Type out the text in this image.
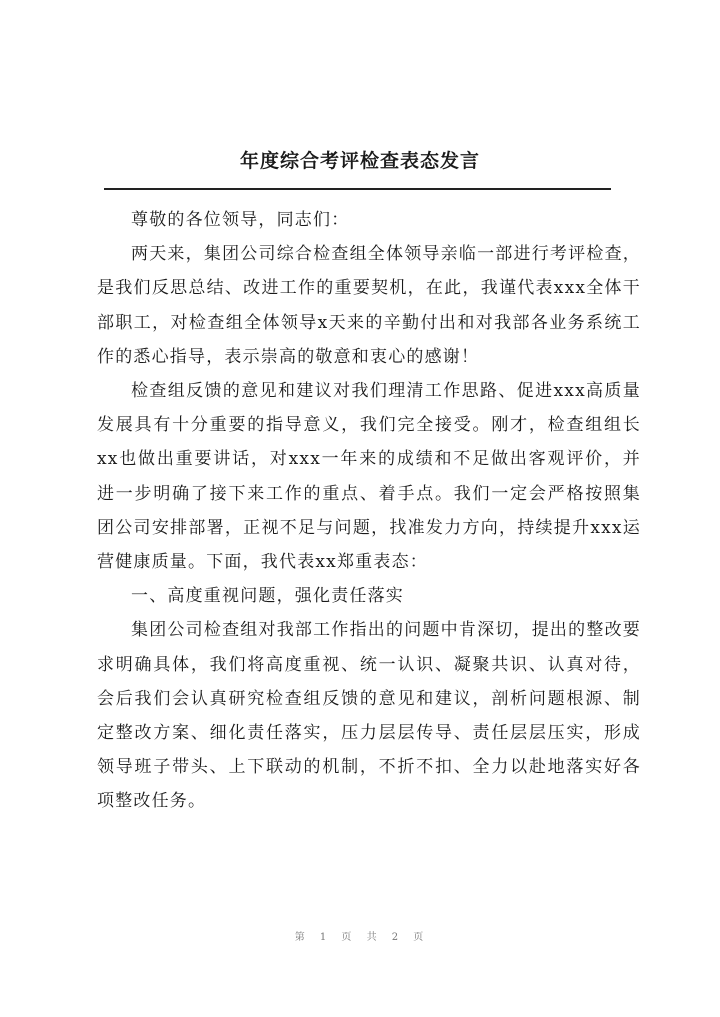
年度综合考评检查表态发言

尊敬的各位领导，同志们：

两天来，集团公司综合检查组全体领导亲临一部进行考评检查，是我们反思总结、改进工作的重要契机，在此，我谨代表xxx全体干部职工，对检查组全体领导x天来的辛勤付出和对我部各业务系统工作的悉心指导，表示崇高的敬意和衷心的感谢！

检查组反馈的意见和建议对我们理清工作思路、促进xxx高质量发展具有十分重要的指导意义，我们完全接受。刚才，检查组组长xx也做出重要讲话，对xxx一年来的成绩和不足做出客观评价，并进一步明确了接下来工作的重点、着手点。我们一定会严格按照集团公司安排部署，正视不足与问题，找准发力方向，持续提升xxx运营健康质量。下面，我代表xx郑重表态：

一、高度重视问题，强化责任落实

集团公司检查组对我部工作指出的问题中肯深切，提出的整改要求明确具体，我们将高度重视、统一认识、凝聚共识、认真对待，会后我们会认真研究检查组反馈的意见和建议，剖析问题根源、制定整改方案、细化责任落实，压力层层传导、责任层层压实，形成领导班子带头、上下联动的机制，不折不扣、全力以赴地落实好各项整改任务。

第 1 页 共 2 页
